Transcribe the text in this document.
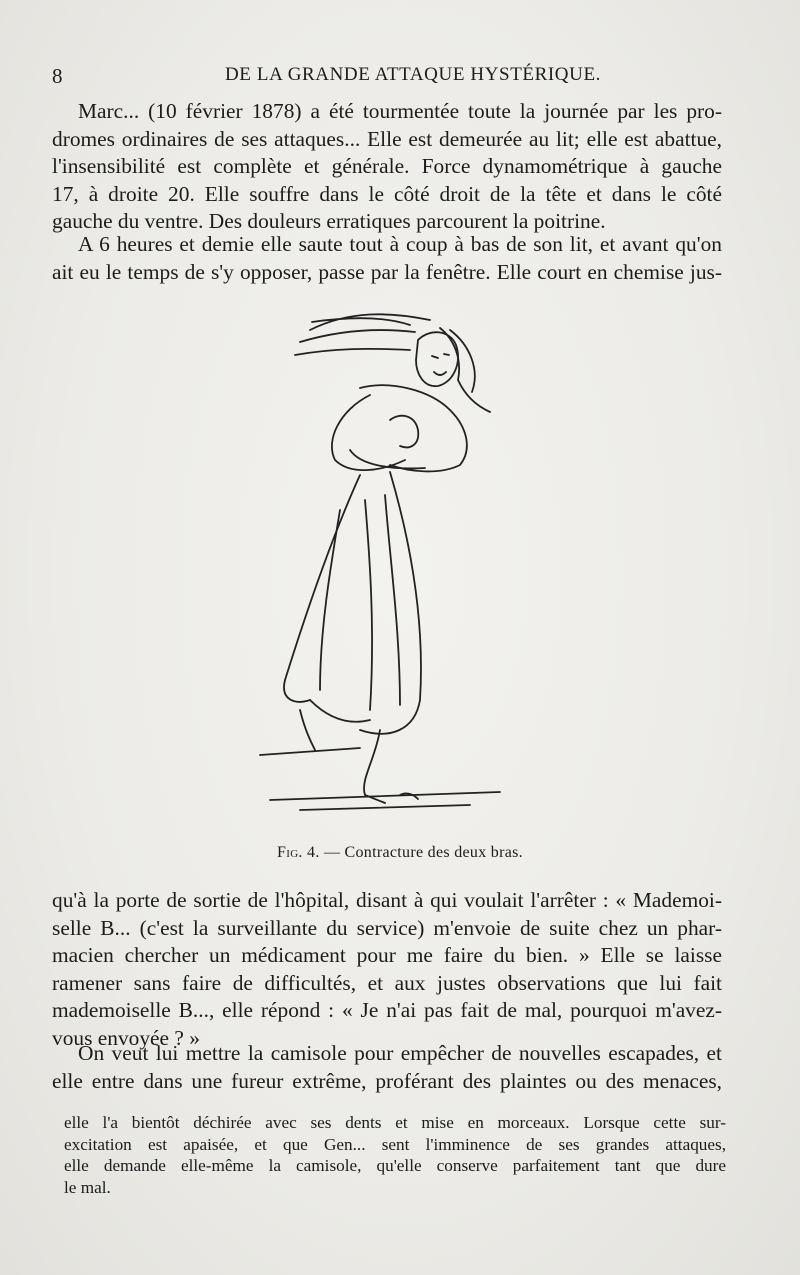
8	DE LA GRANDE ATTAQUE HYSTÉRIQUE.

Marc... (10 février 1878) a été tourmentée toute la journée par les pro-
dromes ordinaires de ses attaques... Elle est demeurée au lit; elle est abattue,
l'insensibilité est complète et générale. Force dynamométrique à gauche
17, à droite 20. Elle souffre dans le côté droit de la tête et dans le côté
gauche du ventre. Des douleurs erratiques parcourent la poitrine.

A 6 heures et demie elle saute tout à coup à bas de son lit, et avant qu'on
ait eu le temps de s'y opposer, passe par la fenêtre. Elle court en chemise jus-

Fig. 4. — Contracture des deux bras.

qu'à la porte de sortie de l'hôpital, disant à qui voulait l'arrêter : « Mademoi-
selle B... (c'est la surveillante du service) m'envoie de suite chez un phar-
macien chercher un médicament pour me faire du bien. » Elle se laisse
ramener sans faire de difficultés, et aux justes observations que lui fait
mademoiselle B..., elle répond : « Je n'ai pas fait de mal, pourquoi m'avez-
vous envoyée ? »

On veut lui mettre la camisole pour empêcher de nouvelles escapades, et
elle entre dans une fureur extrême, proférant des plaintes ou des menaces,

elle l'a bientôt déchirée avec ses dents et mise en morceaux. Lorsque cette sur-
excitation est apaisée, et que Gen... sent l'imminence de ses grandes attaques,
elle demande elle-même la camisole, qu'elle conserve parfaitement tant que dure
le mal.
